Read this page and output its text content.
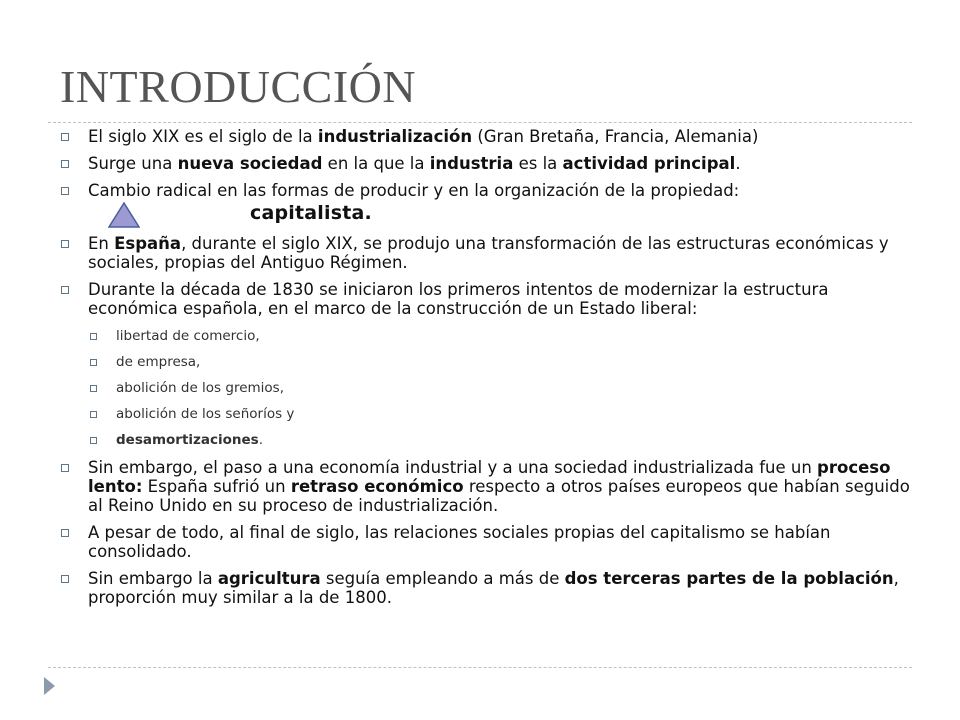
INTRODUCCIÓN
El siglo XIX es el siglo de la industrialización (Gran Bretaña, Francia, Alemania)
Surge una nueva sociedad en la que la industria es la actividad principal.
Cambio radical en las formas de producir y en la organización de la propiedad:
capitalista.
En España, durante el siglo XIX, se produjo una transformación de las estructuras económicas y sociales, propias del Antiguo Régimen.
Durante la década de 1830 se iniciaron los primeros intentos de modernizar la estructura económica española, en el marco de la construcción de un Estado liberal:
libertad de comercio,
de empresa,
abolición de los gremios,
abolición de los señoríos y
desamortizaciones.
Sin embargo, el paso a una economía industrial y a una sociedad industrializada fue un proceso lento: España sufrió un retraso económico respecto a otros países europeos que habían seguido al Reino Unido en su proceso de industrialización.
A pesar de todo, al final de siglo, las relaciones sociales propias del capitalismo se habían consolidado.
Sin embargo la agricultura seguía empleando a más de dos terceras partes de la población, proporción muy similar a la de 1800.
